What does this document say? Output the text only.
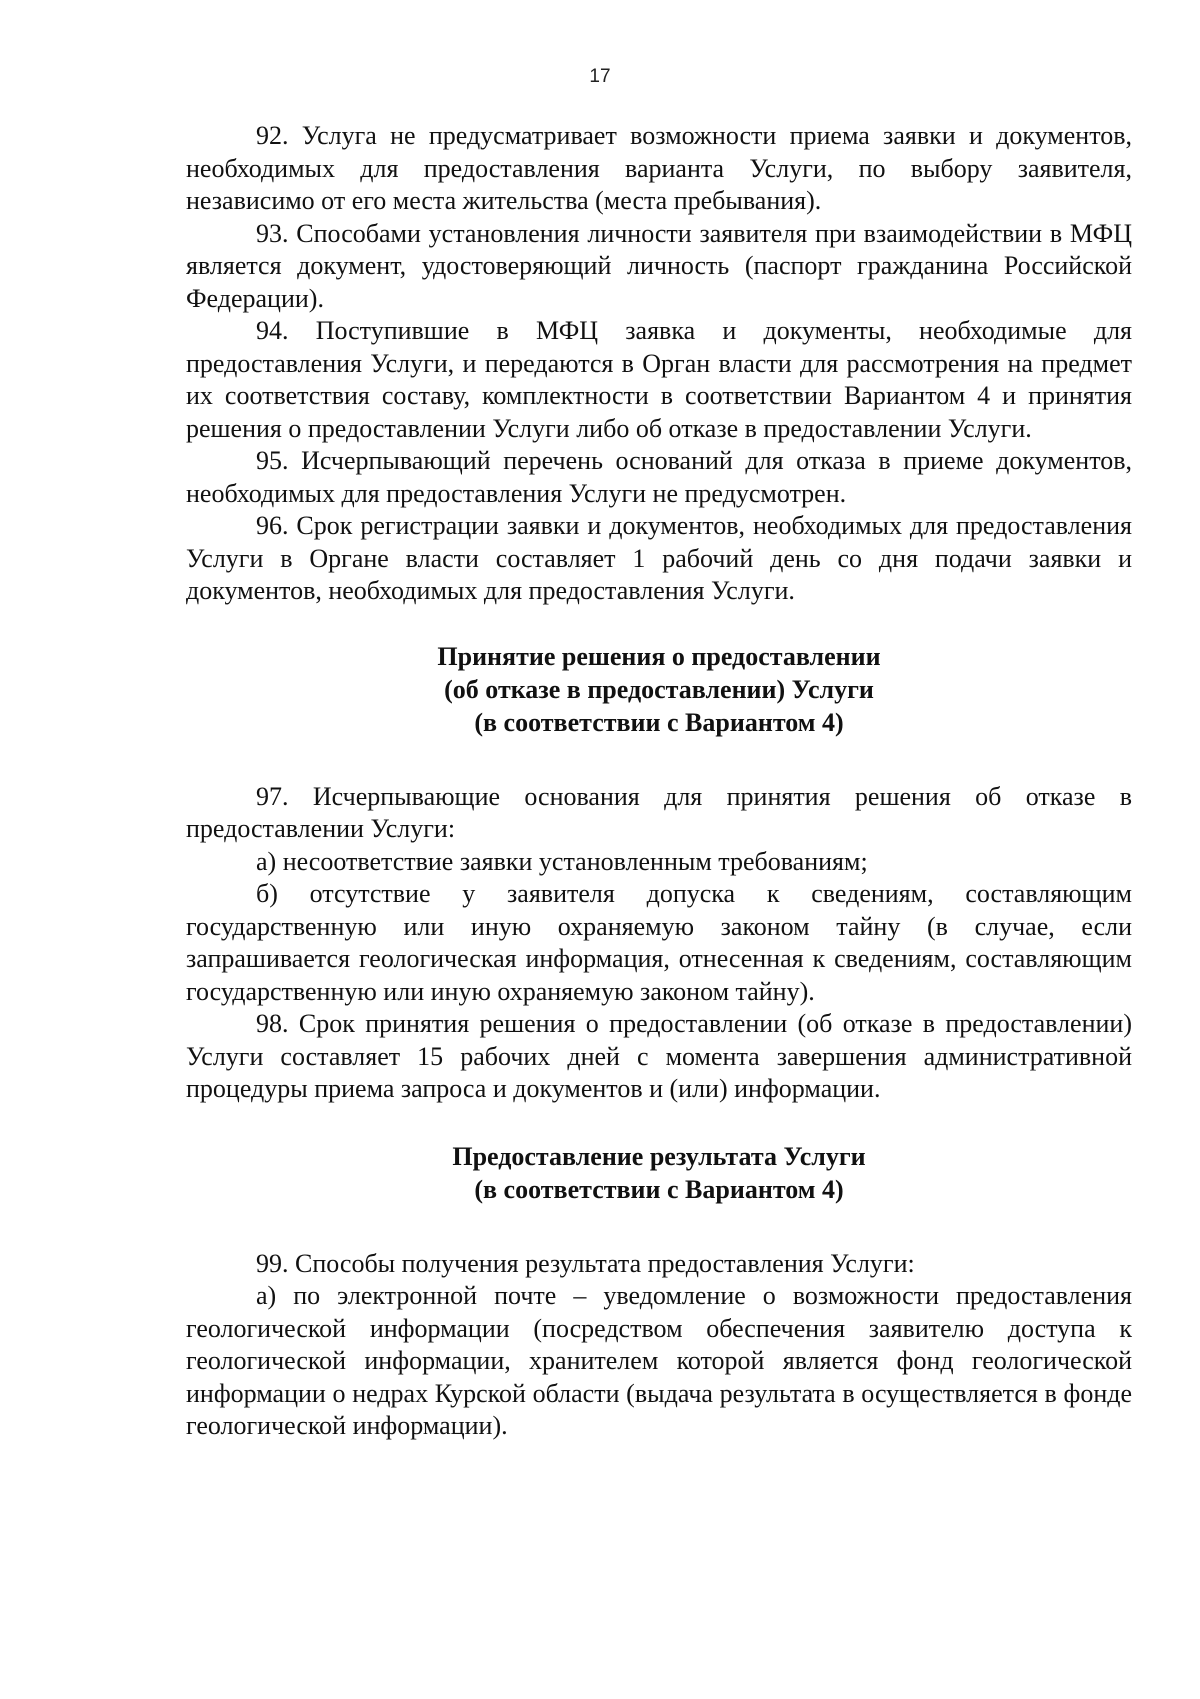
17

92. Услуга не предусматривает возможности приема заявки и документов, необходимых для предоставления варианта Услуги, по выбору заявителя, независимо от его места жительства (места пребывания).

93. Способами установления личности заявителя при взаимодействии в МФЦ является документ, удостоверяющий личность (паспорт гражданина Российской Федерации).

94. Поступившие в МФЦ заявка и документы, необходимые для предоставления Услуги, и передаются в Орган власти для рассмотрения на предмет их соответствия составу, комплектности в соответствии Вариантом 4 и принятия решения о предоставлении Услуги либо об отказе в предоставлении Услуги.

95. Исчерпывающий перечень оснований для отказа в приеме документов, необходимых для предоставления Услуги не предусмотрен.

96. Срок регистрации заявки и документов, необходимых для предоставления Услуги в Органе власти составляет 1 рабочий день со дня подачи заявки и документов, необходимых для предоставления Услуги.

Принятие решения о предоставлении

(об отказе в предоставлении) Услуги

(в соответствии с Вариантом 4)

97. Исчерпывающие основания для принятия решения об отказе в предоставлении Услуги:

а) несоответствие заявки установленным требованиям;

б) отсутствие у заявителя допуска к сведениям, составляющим государственную или иную охраняемую законом тайну (в случае, если запрашивается геологическая информация, отнесенная к сведениям, составляющим государственную или иную охраняемую законом тайну).

98. Срок принятия решения о предоставлении (об отказе в предоставлении) Услуги составляет 15 рабочих дней с момента завершения административной процедуры приема запроса и документов и (или) информации.

Предоставление результата Услуги

(в соответствии с Вариантом 4)

99. Способы получения результата предоставления Услуги:

а) по электронной почте – уведомление о возможности предоставления геологической информации (посредством обеспечения заявителю доступа к геологической информации, хранителем которой является фонд геологической информации о недрах Курской области (выдача результата в осуществляется в фонде геологической информации).
